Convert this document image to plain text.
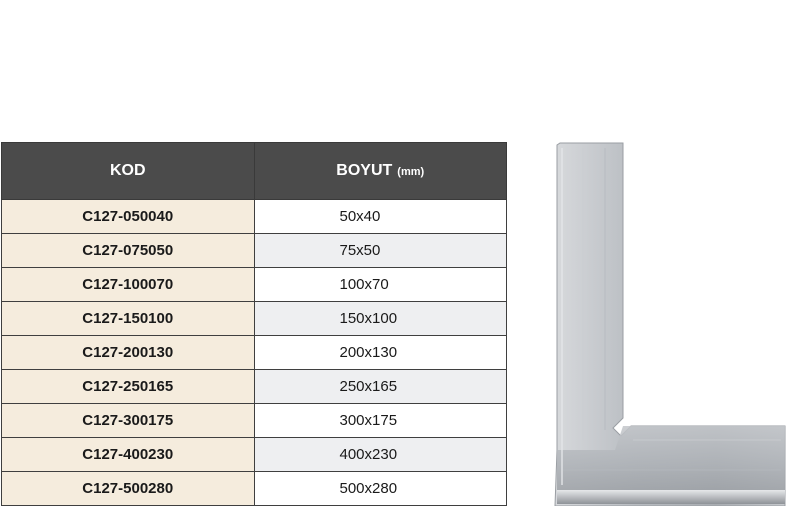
KOD	BOYUT (mm)
C127-050040	50x40
C127-075050	75x50
C127-100070	100x70
C127-150100	150x100
C127-200130	200x130
C127-250165	250x165
C127-300175	300x175
C127-400230	400x230
C127-500280	500x280
